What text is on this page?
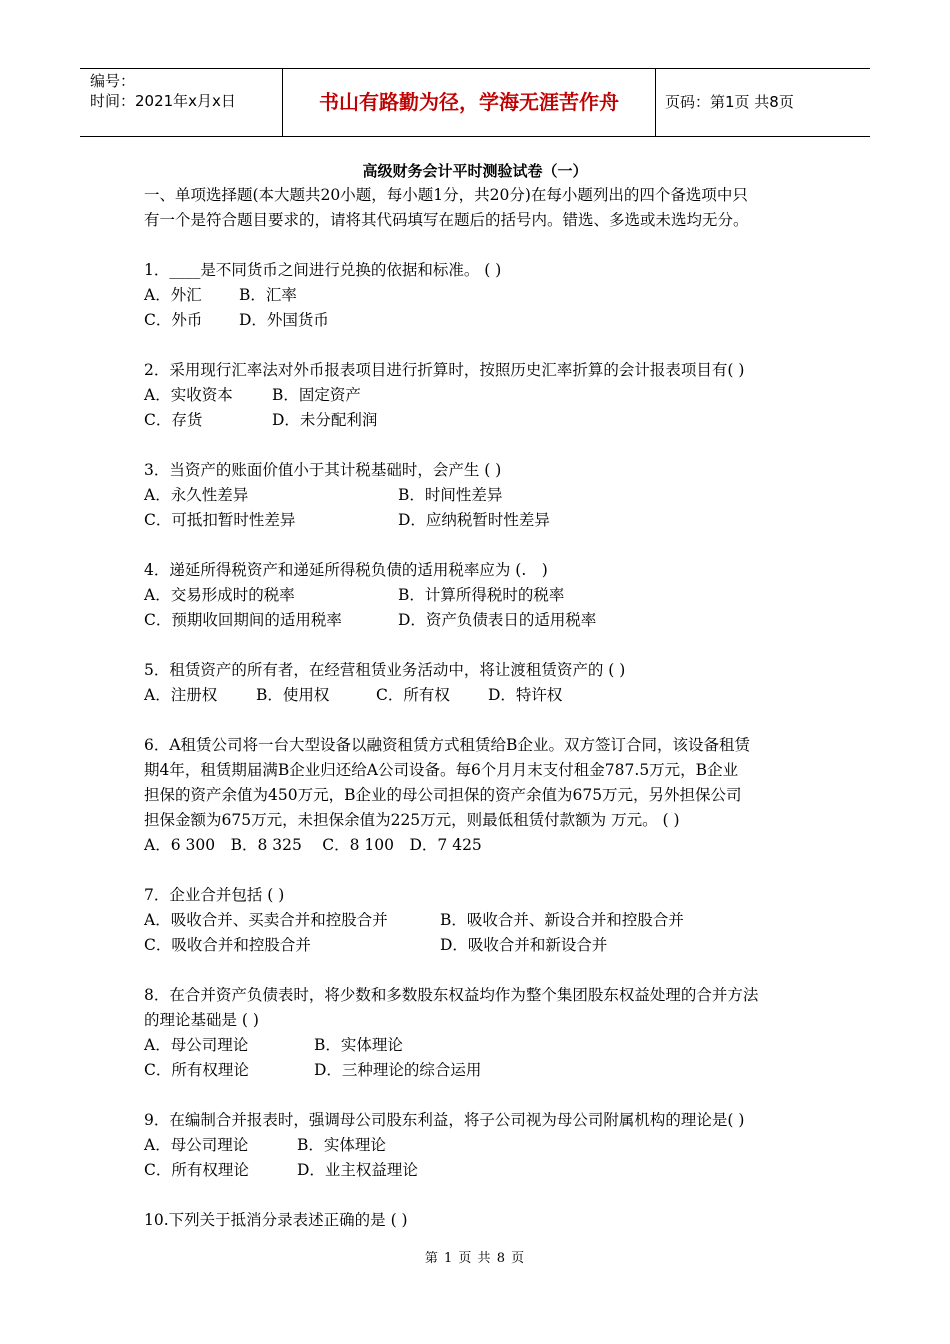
编号：
时间：2021年x月x日	书山有路勤为径，学海无涯苦作舟	页码：第1页 共8页
高级财务会计平时测验试卷（一）
一、单项选择题(本大题共20小题，每小题1分，共20分)在每小题列出的四个备选项中只
有一个是符合题目要求的，请将其代码填写在题后的括号内。错选、多选或未选均无分。
1．____是不同货币之间进行兑换的依据和标准。 ( )
A．外汇 B．汇率
C．外币 D．外国货币
2．采用现行汇率法对外币报表项目进行折算时，按照历史汇率折算的会计报表项目有( )
A．实收资本	B．固定资产
C．存货	D．未分配利润
3．当资产的账面价值小于其计税基础时，会产生 ( )
A．永久性差异	B．时间性差异
C．可抵扣暂时性差异	D．应纳税暂时性差异
4．递延所得税资产和递延所得税负债的适用税率应为 (.　)
A．交易形成时的税率	B．计算所得税时的税率
C．预期收回期间的适用税率	D．资产负债表日的适用税率
5．租赁资产的所有者，在经营租赁业务活动中，将让渡租赁资产的 ( )
A．注册权	B．使用权	C．所有权 D．特许权
6．A租赁公司将一台大型设备以融资租赁方式租赁给B企业。双方签订合同，该设备租赁
期4年，租赁期届满B企业归还给A公司设备。每6个月月末支付租金787.5万元，B企业
担保的资产余值为450万元，B企业的母公司担保的资产余值为675万元，另外担保公司
担保金额为675万元，未担保余值为225万元，则最低租赁付款额为 万元。 ( )
A．6 300　B．8 325　 C．8 100　D．7 425
7．企业合并包括 ( )
A．吸收合并、买卖合并和控股合并	B．吸收合并、新设合并和控股合并
C．吸收合并和控股合并	D．吸收合并和新设合并
8．在合并资产负债表时，将少数和多数股东权益均作为整个集团股东权益处理的合并方法
的理论基础是 ( )
A．母公司理论	B．实体理论
C．所有权理论	D．三种理论的综合运用
9．在编制合并报表时，强调母公司股东利益，将子公司视为母公司附属机构的理论是( )
A．母公司理论	B．实体理论
C．所有权理论	D．业主权益理论
10.下列关于抵消分录表述正确的是 ( )
第 1 页 共 8 页
